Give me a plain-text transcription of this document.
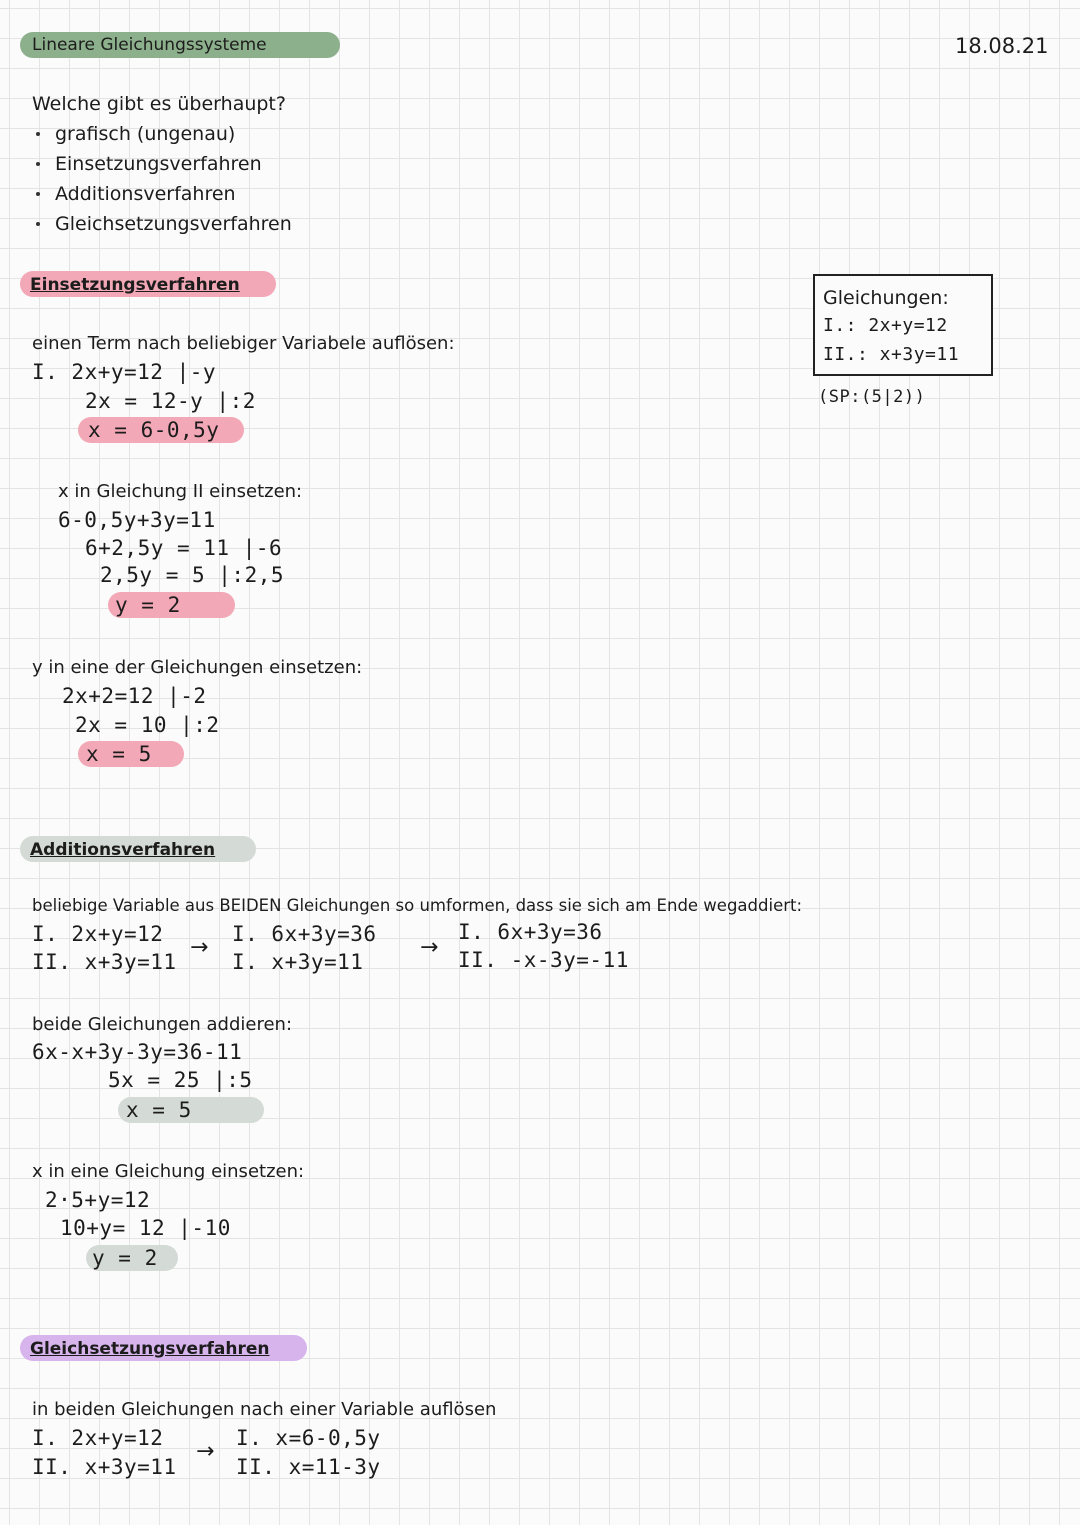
Lineare Gleichungssysteme	18.08.21
Welche gibt es überhaupt?
grafisch (ungenau)
Einsetzungsverfahren
Additionsverfahren
Gleichsetzungsverfahren
Gleichungen:
I.: 2x+y=12
II.: x+3y=11
(SP:(5|2))
Einsetzungsverfahren
einen Term nach beliebiger Variabele auflösen:
I. 2x+y=12 |-y
2x = 12-y |:2
x = 6-0,5y
x in Gleichung II einsetzen:
6-0,5y+3y=11
6+2,5y = 11 |-6
2,5y = 5 |:2,5
y = 2
y in eine der Gleichungen einsetzen:
2x+2=12 |-2
2x = 10 |:2
x = 5
Additionsverfahren
beliebige Variable aus BEIDEN Gleichungen so umformen, dass sie sich am Ende wegaddiert:
I. 2x+y=12
II. x+3y=11
→
I. 6x+3y=36
I. x+3y=11
→
I. 6x+3y=36
II. -x-3y=-11
beide Gleichungen addieren:
6x-x+3y-3y=36-11
5x = 25 |:5
x = 5
x in eine Gleichung einsetzen:
2·5+y=12
10+y= 12 |-10
y = 2
Gleichsetzungsverfahren
in beiden Gleichungen nach einer Variable auflösen
I. 2x+y=12
II. x+3y=11
→
I. x=6-0,5y
II. x=11-3y
